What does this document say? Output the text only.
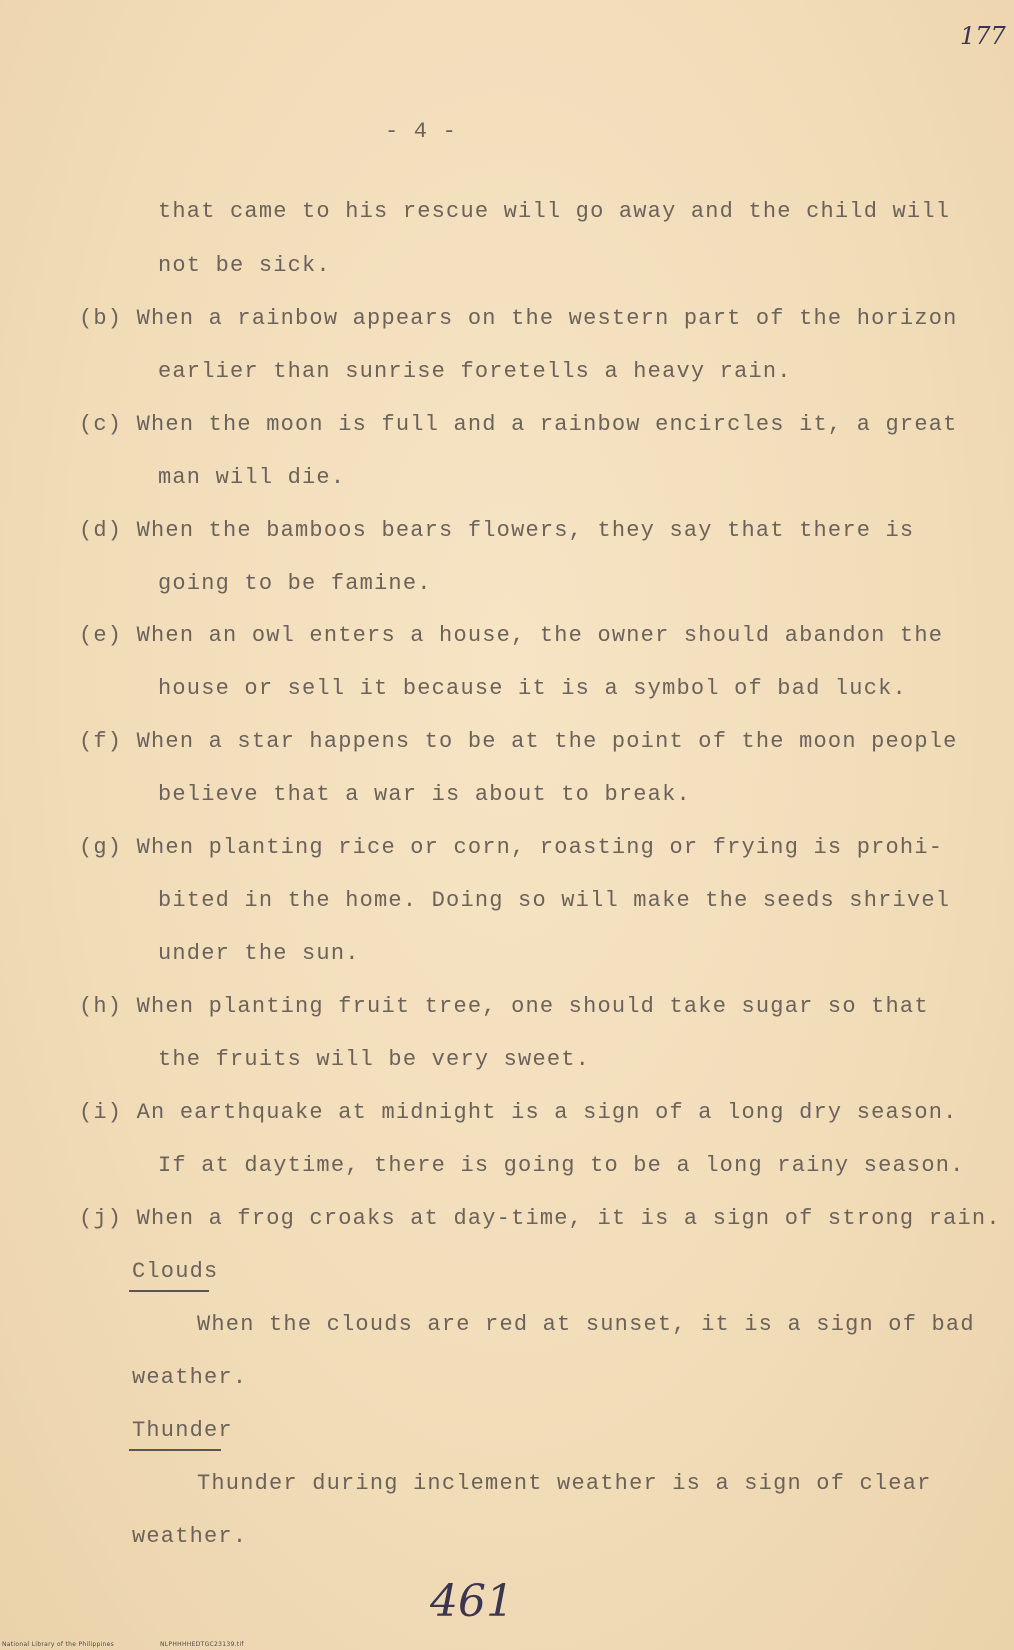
177
- 4 -
that came to his rescue will go away and the child will
not be sick.
(b) When a rainbow appears on the western part of the horizon
earlier than sunrise foretells a heavy rain.
(c) When the moon is full and a rainbow encircles it, a great
man will die.
(d) When the bamboos bears flowers, they say that there is
going to be famine.
(e) When an owl enters a house, the owner should abandon the
house or sell it because it is a symbol of bad luck.
(f) When a star happens to be at the point of the moon people
believe that a war is about to break.
(g) When planting rice or corn, roasting or frying is prohi-
bited in the home. Doing so will make the seeds shrivel
under the sun.
(h) When planting fruit tree, one should take sugar so that
the fruits will be very sweet.
(i) An earthquake at midnight is a sign of a long dry season.
If at daytime, there is going to be a long rainy season.
(j) When a frog croaks at day-time, it is a sign of strong rain.
Clouds
When the clouds are red at sunset, it is a sign of bad
weather.
Thunder
Thunder during inclement weather is a sign of clear
weather.
461
National Library of the Philippines	NLPHHHHEDTGC23139.tif
